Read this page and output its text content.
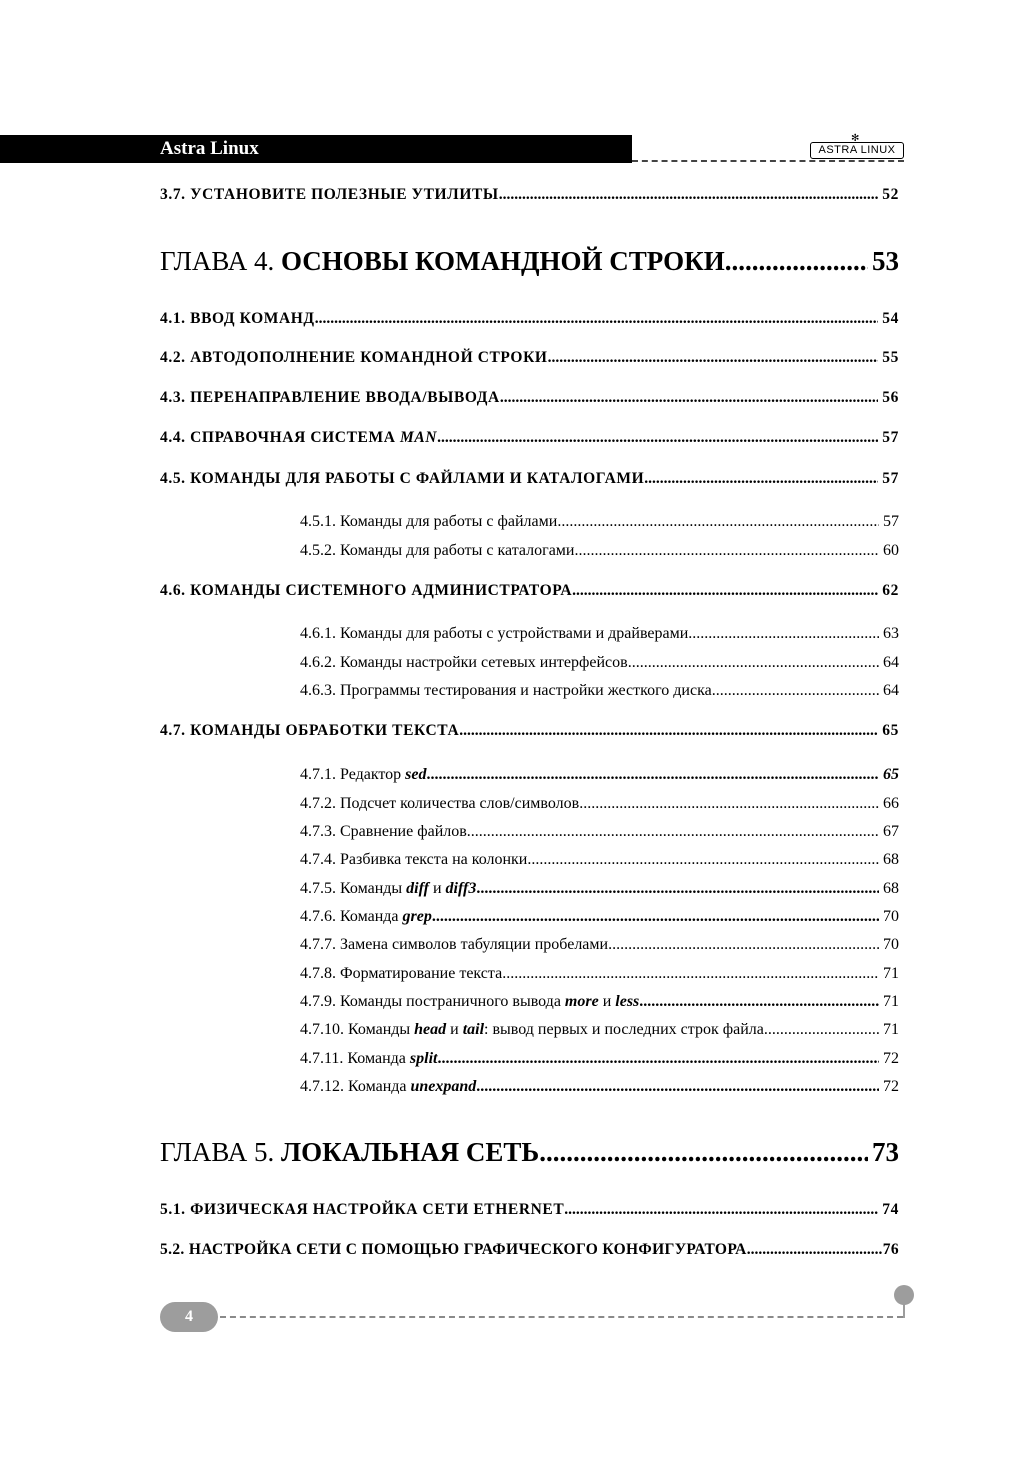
Astra Linux	✻
ASTRA LINUX
3.7. УСТАНОВИТЕ ПОЛЕЗНЫЕ УТИЛИТЫ .....	52
ГЛАВА 4. ОСНОВЫ КОМАНДНОЙ СТРОКИ .....	53
4.1. ВВОД КОМАНД .....	54
4.2. АВТОДОПОЛНЕНИЕ КОМАНДНОЙ СТРОКИ .....	55
4.3. ПЕРЕНАПРАВЛЕНИЕ ВВОДА/ВЫВОДА .....	56
4.4. СПРАВОЧНАЯ СИСТЕМА MAN .....	57
4.5. КОМАНДЫ ДЛЯ РАБОТЫ С ФАЙЛАМИ И КАТАЛОГАМИ .....	57
4.5.1. Команды для работы с файлами .....	57
4.5.2. Команды для работы с каталогами .....	60
4.6. КОМАНДЫ СИСТЕМНОГО АДМИНИСТРАТОРА .....	62
4.6.1. Команды для работы с устройствами и драйверами .....	63
4.6.2. Команды настройки сетевых интерфейсов .....	64
4.6.3. Программы тестирования и настройки жесткого диска .....	64
4.7. КОМАНДЫ ОБРАБОТКИ ТЕКСТА .....	65
4.7.1. Редактор sed .....	65
4.7.2. Подсчет количества слов/символов .....	66
4.7.3. Сравнение файлов .....	67
4.7.4. Разбивка текста на колонки .....	68
4.7.5. Команды diff и diff3 .....	68
4.7.6. Команда grep .....	70
4.7.7. Замена символов табуляции пробелами .....	70
4.7.8. Форматирование текста .....	71
4.7.9. Команды постраничного вывода more и less .....	71
4.7.10. Команды head и tail: вывод первых и последних строк файла .....	71
4.7.11. Команда split .....	72
4.7.12. Команда unexpand .....	72
ГЛАВА 5. ЛОКАЛЬНАЯ СЕТЬ .....	73
5.1. ФИЗИЧЕСКАЯ НАСТРОЙКА СЕТИ ETHERNET .....	74
5.2. НАСТРОЙКА СЕТИ С ПОМОЩЬЮ ГРАФИЧЕСКОГО КОНФИГУРАТОРА .....	76
4
